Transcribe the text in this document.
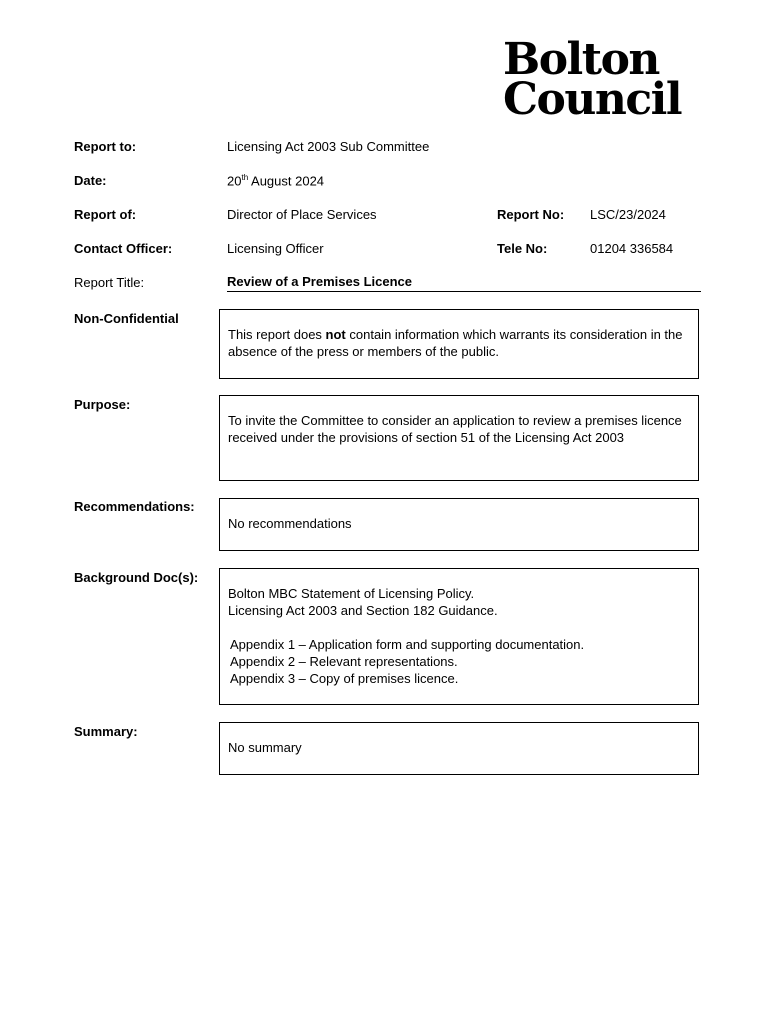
Bolton
Council
Report to:	Licensing Act 2003 Sub Committee
Date:	20th August 2024
Report of:	Director of Place Services	Report No: LSC/23/2024
Contact Officer:	Licensing Officer	Tele No:	01204 336584
Report Title:	Review of a Premises Licence
Non-Confidential

This report does not contain information which warrants its consideration in the absence of the press or members of the public.

Purpose:

To invite the Committee to consider an application to review a premises licence received under the provisions of section 51 of the Licensing Act 2003

Recommendations:

No recommendations

Background Doc(s):

Bolton MBC Statement of Licensing Policy.

Licensing Act 2003 and Section 182 Guidance.

Appendix 1 – Application form and supporting documentation.

Appendix 2 – Relevant representations.

Appendix 3 – Copy of premises licence.

Summary:

No summary
